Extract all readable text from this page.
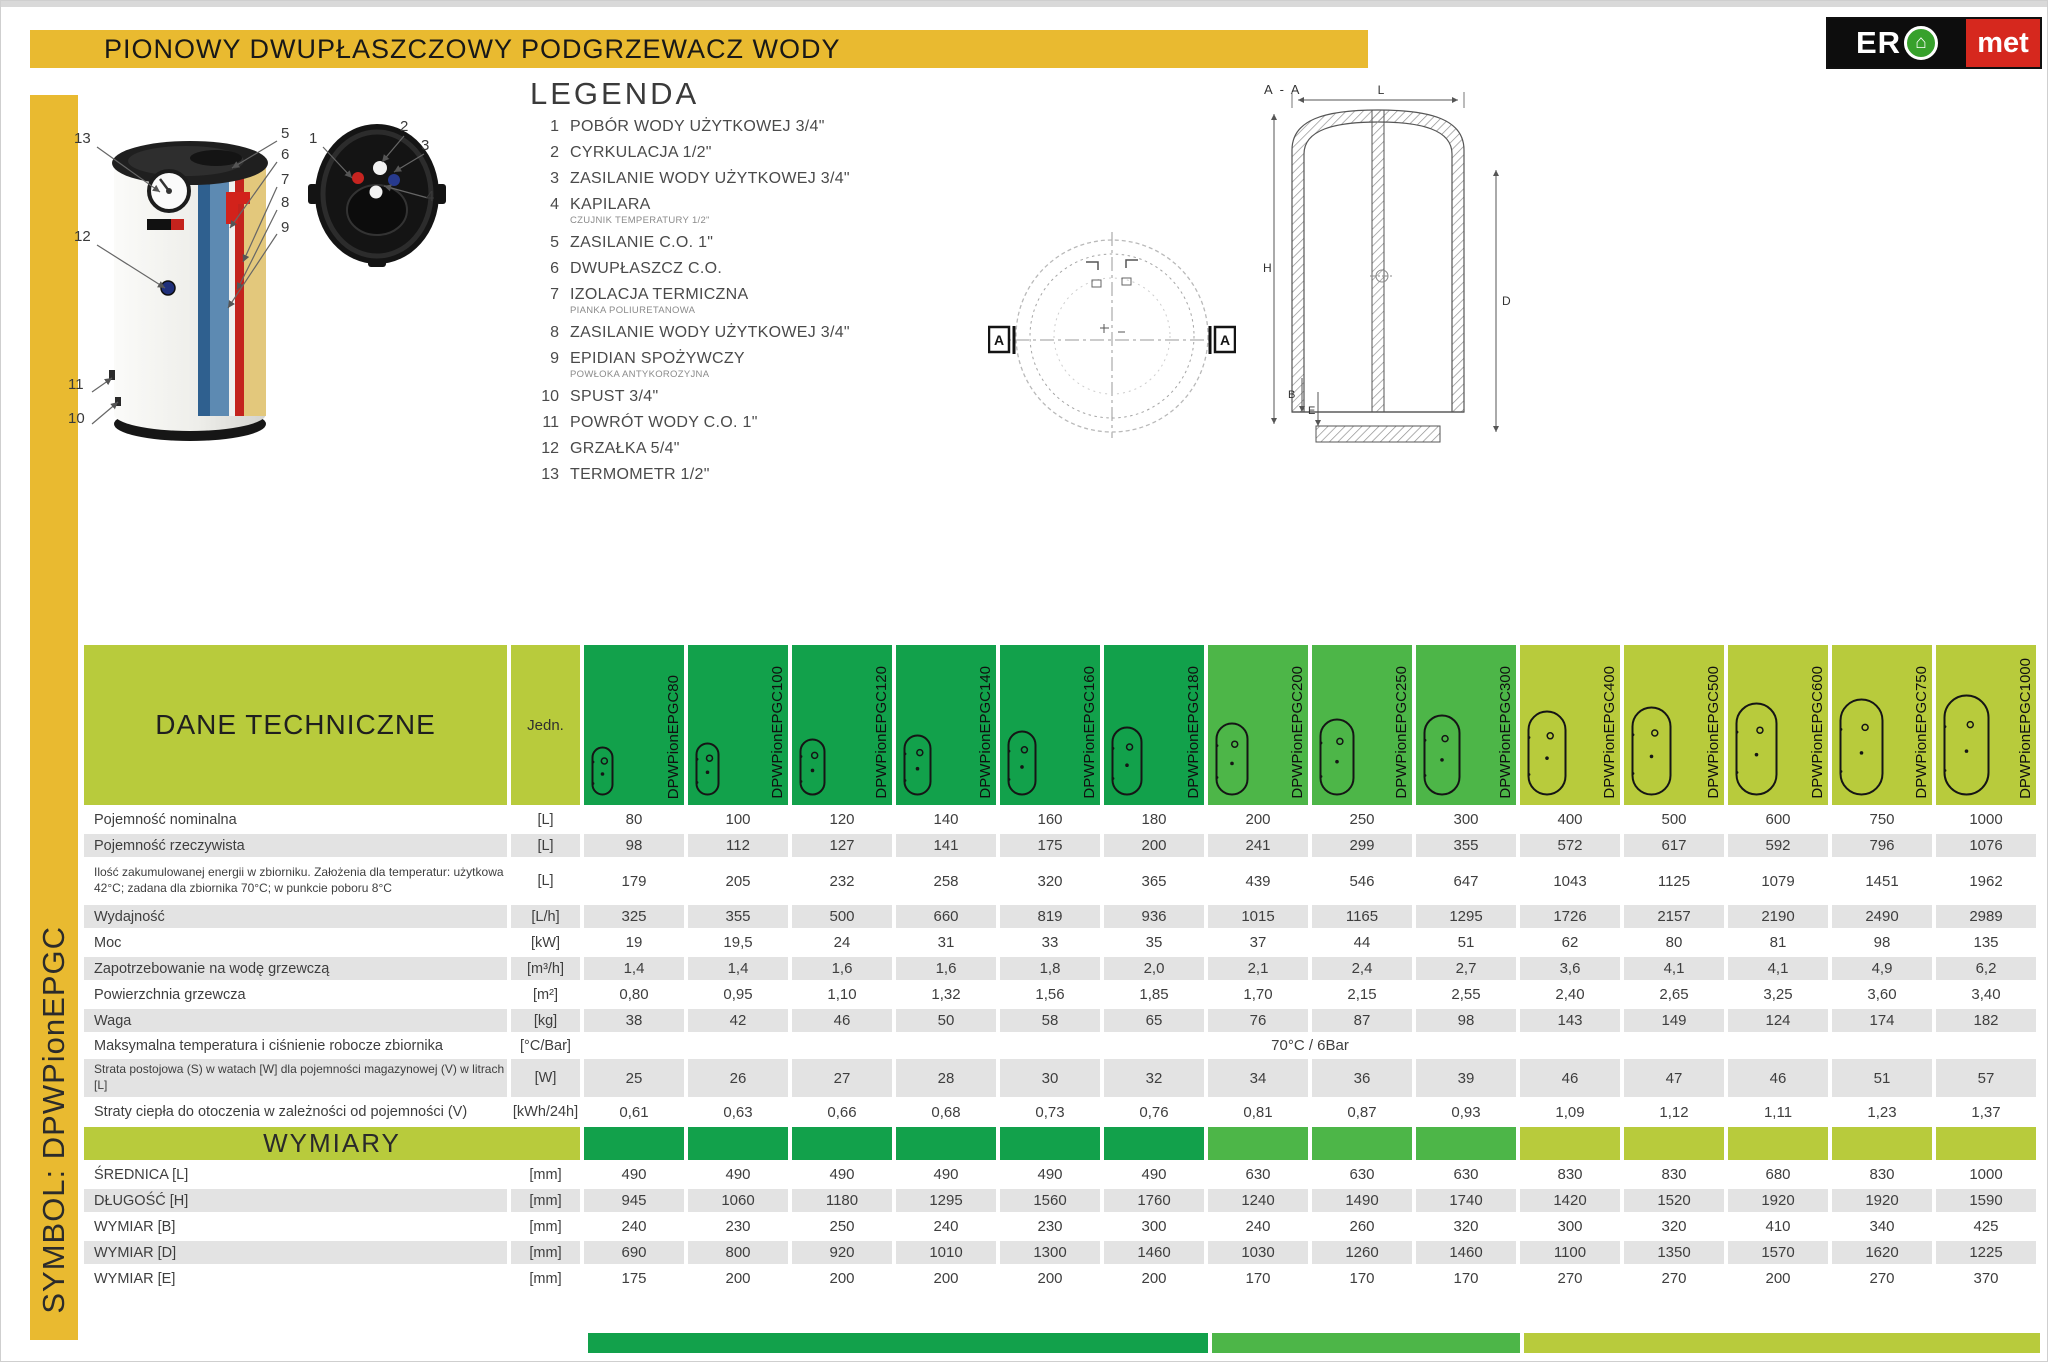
PIONOWY DWUPŁASZCZOWY PODGRZEWACZ WODY
SYMBOL: DPWPionEPGC
ER ⌂	met
13
12
11
10
5
6
7
8
9
1
2
3
4
LEGENDA
1 POBÓR WODY UŻYTKOWEJ 3/4"
2 CYRKULACJA 1/2"
3 ZASILANIE WODY UŻYTKOWEJ 3/4"
4 KAPILARA
CZUJNIK TEMPERATURY 1/2"
5 ZASILANIE C.O. 1"
6 DWUPŁASZCZ C.O.
7 IZOLACJA TERMICZNA
PIANKA POLIURETANOWA
8 ZASILANIE WODY UŻYTKOWEJ 3/4"
9 EPIDIAN SPOŻYWCZY
POWŁOKA ANTYKOROZYJNA
10 SPUST 3/4"
11 POWRÓT WODY C.O. 1"
12 GRZAŁKA 5/4"
13 TERMOMETR 1/2"
A	A
A - A	L
H
D
B
E
DANE TECHNICZNE	Jedn.	DPWPionEPGC80	DPWPionEPGC100	DPWPionEPGC120	DPWPionEPGC140	DPWPionEPGC160	DPWPionEPGC180	DPWPionEPGC200	DPWPionEPGC250	DPWPionEPGC300	DPWPionEPGC400	DPWPionEPGC500	DPWPionEPGC600	DPWPionEPGC750	DPWPionEPGC1000
Pojemność nominalna	[L]	80	100	120	140	160	180	200	250	300	400	500	600	750	1000
Pojemność rzeczywista	[L]	98	112	127	141	175	200	241	299	355	572	617	592	796	1076
Ilość zakumulowanej energii w zbiorniku. Założenia dla temperatur: użytkowa 42°C; zadana dla zbiornika 70°C; w punkcie poboru 8°C	[L]	179	205	232	258	320	365	439	546	647	1043	1125	1079	1451	1962
Wydajność	[L/h]	325	355	500	660	819	936	1015	1165	1295	1726	2157	2190	2490	2989
Moc	[kW]	19	19,5	24	31	33	35	37	44	51	62	80	81	98	135
Zapotrzebowanie na wodę grzewczą	[m³/h]	1,4	1,4	1,6	1,6	1,8	2,0	2,1	2,4	2,7	3,6	4,1	4,1	4,9	6,2
Powierzchnia grzewcza	[m²]	0,80	0,95	1,10	1,32	1,56	1,85	1,70	2,15	2,55	2,40	2,65	3,25	3,60	3,40
Waga	[kg]	38	42	46	50	58	65	76	87	98	143	149	124	174	182
Maksymalna temperatura i ciśnienie robocze zbiornika	[°C/Bar]	70°C / 6Bar
Strata postojowa (S) w watach [W] dla pojemności magazynowej (V) w litrach [L]	[W]	25	26	27	28	30	32	34	36	39	46	47	46	51	57
Straty ciepła do otoczenia w zależności od pojemności (V)	[kWh/24h]	0,61	0,63	0,66	0,68	0,73	0,76	0,81	0,87	0,93	1,09	1,12	1,11	1,23	1,37
WYMIARY
ŚREDNICA [L]	[mm]	490	490	490	490	490	490	630	630	630	830	830	680	830	1000
DŁUGOŚĆ [H]	[mm]	945	1060	1180	1295	1560	1760	1240	1490	1740	1420	1520	1920	1920	1590
WYMIAR [B]	[mm]	240	230	250	240	230	300	240	260	320	300	320	410	340	425
WYMIAR [D]	[mm]	690	800	920	1010	1300	1460	1030	1260	1460	1100	1350	1570	1620	1225
WYMIAR [E]	[mm]	175	200	200	200	200	200	170	170	170	270	270	200	270	370
